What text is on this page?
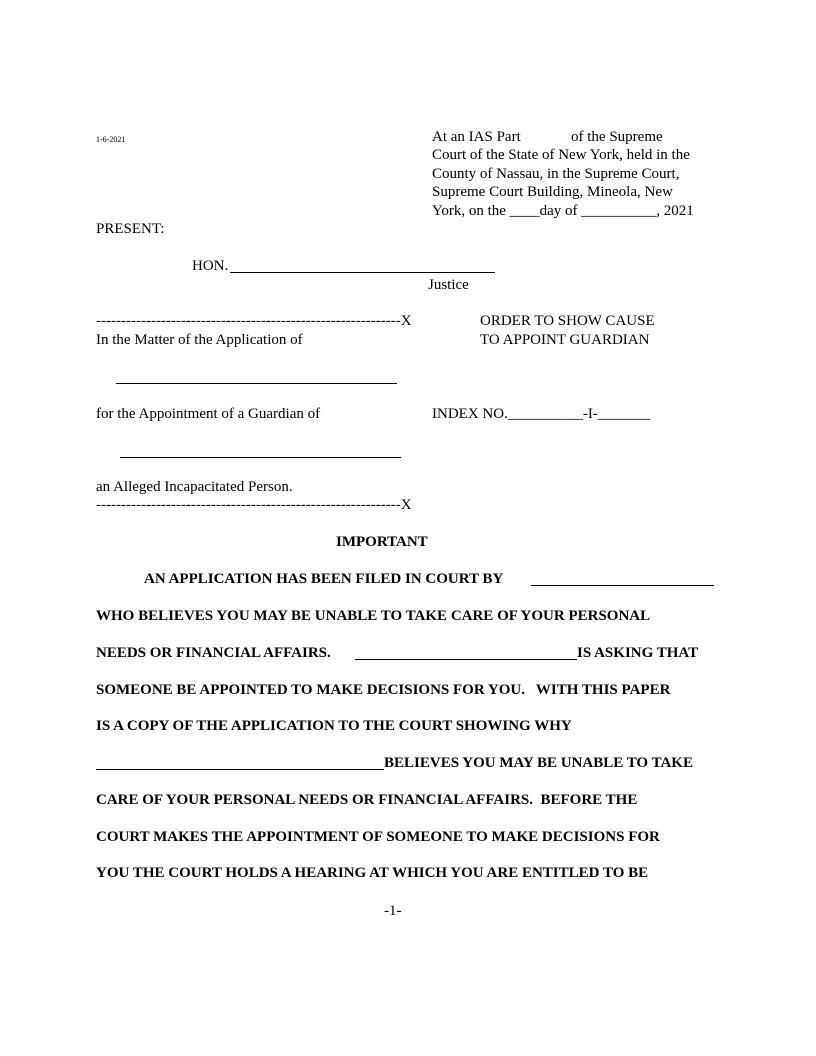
1-6-2021	At an IAS Part	of the Supreme
Court of the State of New York, held in the
County of Nassau, in the Supreme Court,
Supreme Court Building, Mineola, New
York, on the ____day of __________, 2021
PRESENT:
HON.
Justice
-------------------------------------------------------------X
In the Matter of the Application of
ORDER TO SHOW CAUSE
TO APPOINT GUARDIAN
for the Appointment of a Guardian of	INDEX NO.__________-I-_______
an Alleged Incapacitated Person.
-------------------------------------------------------------X
IMPORTANT
AN APPLICATION HAS BEEN FILED IN COURT BY
WHO BELIEVES YOU MAY BE UNABLE TO TAKE CARE OF YOUR PERSONAL
NEEDS OR FINANCIAL AFFAIRS.	IS ASKING THAT
SOMEONE BE APPOINTED TO MAKE DECISIONS FOR YOU.   WITH THIS PAPER
IS A COPY OF THE APPLICATION TO THE COURT SHOWING WHY
BELIEVES YOU MAY BE UNABLE TO TAKE
CARE OF YOUR PERSONAL NEEDS OR FINANCIAL AFFAIRS.  BEFORE THE
COURT MAKES THE APPOINTMENT OF SOMEONE TO MAKE DECISIONS FOR
YOU THE COURT HOLDS A HEARING AT WHICH YOU ARE ENTITLED TO BE
-1-
